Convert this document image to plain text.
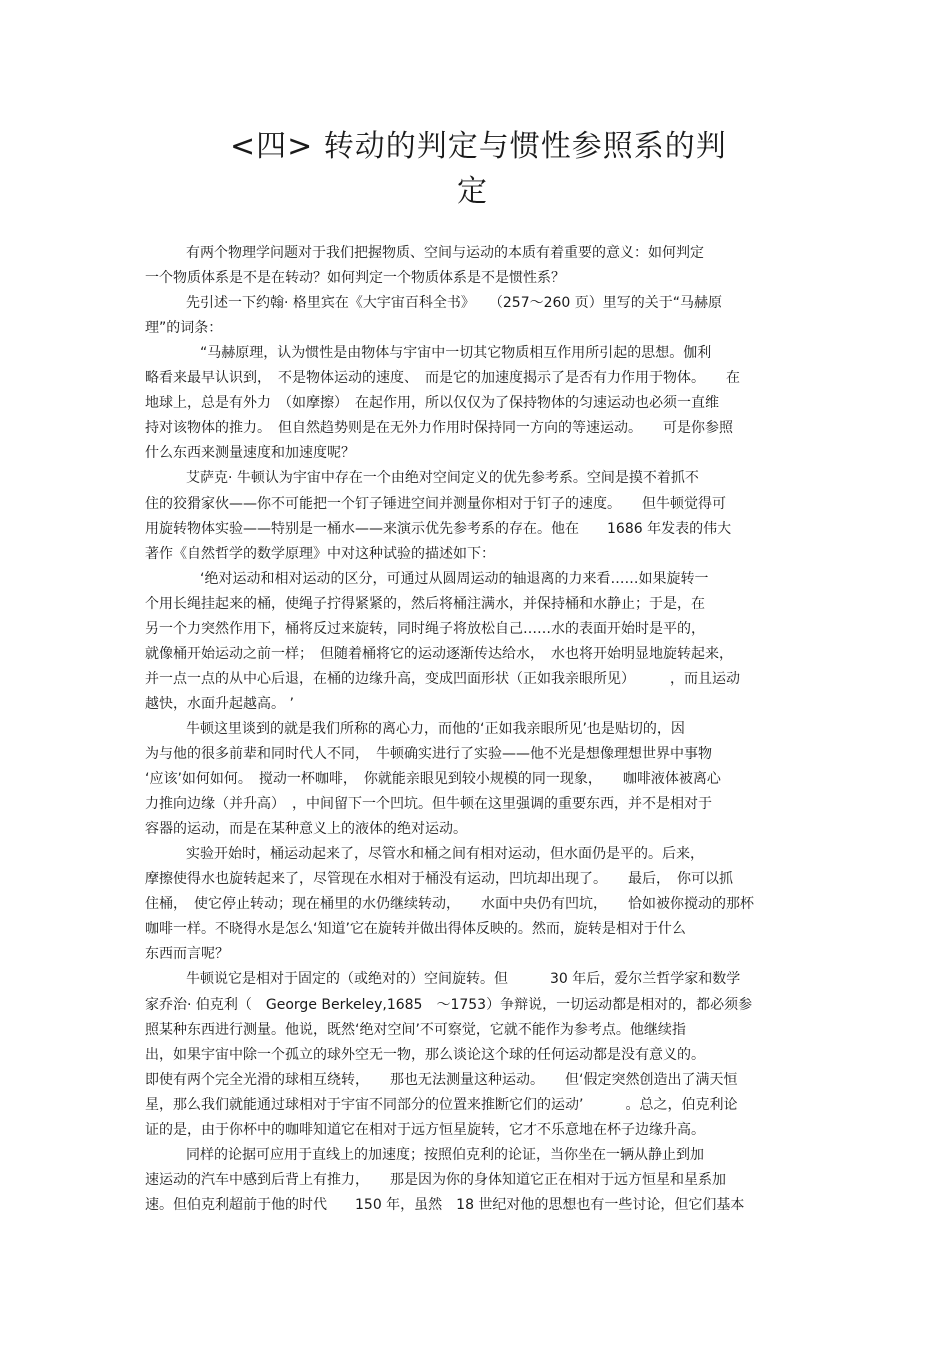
<四> 转动的判定与惯性参照系的判
定
有两个物理学问题对于我们把握物质、空间与运动的本质有着重要的意义：如何判定
一个物质体系是不是在转动？如何判定一个物质体系是不是惯性系？
先引述一下约翰· 格里宾在《大宇宙百科全书》　　（257～260 页）里写的关于“马赫原
理”的词条：
　“马赫原理，认为惯性是由物体与宇宙中一切其它物质相互作用所引起的思想。伽利
略看来最早认识到，　不是物体运动的速度、　而是它的加速度揭示了是否有力作用于物体。　　在
地球上，总是有外力　（如摩擦）　在起作用，所以仅仅为了保持物体的匀速运动也必须一直维
持对该物体的推力。　但自然趋势则是在无外力作用时保持同一方向的等速运动。　　可是你参照
什么东西来测量速度和加速度呢？
艾萨克· 牛顿认为宇宙中存在一个由绝对空间定义的优先参考系。空间是摸不着抓不
住的狡猾家伙——你不可能把一个钉子锤进空间并测量你相对于钉子的速度。　　但牛顿觉得可
用旋转物体实验——特别是一桶水——来演示优先参考系的存在。他在　　1686 年发表的伟大
著作《自然哲学的数学原理》中对这种试验的描述如下：
　‘绝对运动和相对运动的区分，可通过从圆周运动的轴退离的力来看……如果旋转一
个用长绳挂起来的桶，使绳子拧得紧紧的，然后将桶注满水，并保持桶和水静止；于是，在
另一个力突然作用下，桶将反过来旋转，同时绳子将放松自己……水的表面开始时是平的，
就像桶开始运动之前一样；　但随着桶将它的运动逐渐传达给水，　水也将开始明显地旋转起来，
并一点一点的从中心后退，在桶的边缘升高，变成凹面形状（正如我亲眼所见）　　　，而且运动
越快，水面升起越高。 ’
牛顿这里谈到的就是我们所称的离心力，而他的‘正如我亲眼所见’也是贴切的，因
为与他的很多前辈和同时代人不同，　牛顿确实进行了实验——他不光是想像理想世界中事物
‘应该’如何如何。　搅动一杯咖啡，　你就能亲眼见到较小规模的同一现象，　　咖啡液体被离心
力推向边缘（并升高）　，中间留下一个凹坑。但牛顿在这里强调的重要东西，并不是相对于
容器的运动，而是在某种意义上的液体的绝对运动。
实验开始时，桶运动起来了，尽管水和桶之间有相对运动，但水面仍是平的。后来，
摩擦使得水也旋转起来了，尽管现在水相对于桶没有运动，凹坑却出现了。　　最后，　你可以抓
住桶，　使它停止转动；现在桶里的水仍继续转动，　　水面中央仍有凹坑，　　恰如被你搅动的那杯
咖啡一样。不晓得水是怎么‘知道’它在旋转并做出得体反映的。然而，旋转是相对于什么
东西而言呢？
牛顿说它是相对于固定的（或绝对的）空间旋转。但　　　30 年后，爱尔兰哲学家和数学
家乔治· 伯克利（　George Berkeley,1685　～1753）争辩说，一切运动都是相对的，都必须参
照某种东西进行测量。他说，既然‘绝对空间’不可察觉，它就不能作为参考点。他继续指
出，如果宇宙中除一个孤立的球外空无一物，那么谈论这个球的任何运动都是没有意义的。
即使有两个完全光滑的球相互绕转，　　那也无法测量这种运动。　　但‘假定突然创造出了满天恒
星，那么我们就能通过球相对于宇宙不同部分的位置来推断它们的运动’　　　。总之，伯克利论
证的是，由于你杯中的咖啡知道它在相对于远方恒星旋转，它才不乐意地在杯子边缘升高。
同样的论据可应用于直线上的加速度；按照伯克利的论证，当你坐在一辆从静止到加
速运动的汽车中感到后背上有推力，　　那是因为你的身体知道它正在相对于远方恒星和星系加
速。但伯克利超前于他的时代　　150 年，虽然　18 世纪对他的思想也有一些讨论，但它们基本
